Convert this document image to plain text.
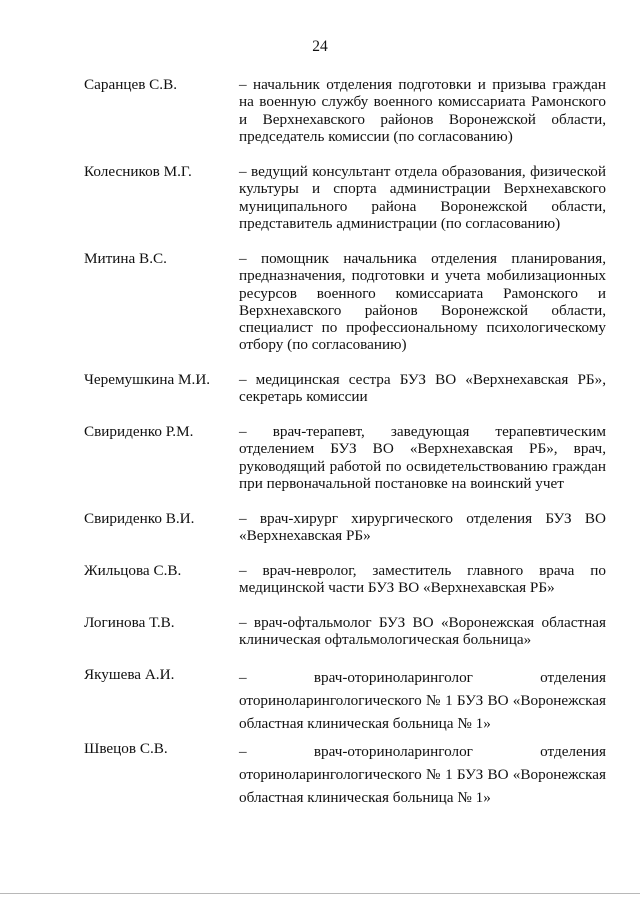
24
Саранцев С.В.	– начальник отделения подготовки и призыва граждан на военную службу военного комиссариата Рамонского и Верхнехавского районов Воронежской области, председатель комиссии (по согласованию)
Колесников М.Г.	– ведущий консультант отдела образования, физической культуры и спорта администрации Верхнехавского муниципального района Воронежской области, представитель администрации (по согласованию)
Митина В.С.	– помощник начальника отделения планирования, предназначения, подготовки и учета мобилизационных ресурсов военного комиссариата Рамонского и Верхнехавского районов Воронежской области, специалист по профессиональному психологическому отбору (по согласованию)
Черемушкина М.И.	– медицинская сестра БУЗ ВО «Верхнехавская РБ», секретарь комиссии
Свириденко Р.М.	– врач-терапевт, заведующая терапевтическим отделением БУЗ ВО «Верхнехавская РБ», врач, руководящий работой по освидетельствованию граждан при первоначальной постановке на воинский учет
Свириденко В.И.	– врач-хирург хирургического отделения БУЗ ВО «Верхнехавская РБ»
Жильцова С.В.	– врач-невролог, заместитель главного врача по медицинской части БУЗ ВО «Верхнехавская РБ»
Логинова Т.В.	– врач-офтальмолог БУЗ ВО «Воронежская областная клиническая офтальмологическая больница»
Якушева А.И.	– врач-оториноларинголог отделения оториноларингологического № 1 БУЗ ВО «Воронежская областная клиническая больница № 1»
Швецов С.В.	– врач-оториноларинголог отделения оториноларингологического № 1 БУЗ ВО «Воронежская областная клиническая больница № 1»
